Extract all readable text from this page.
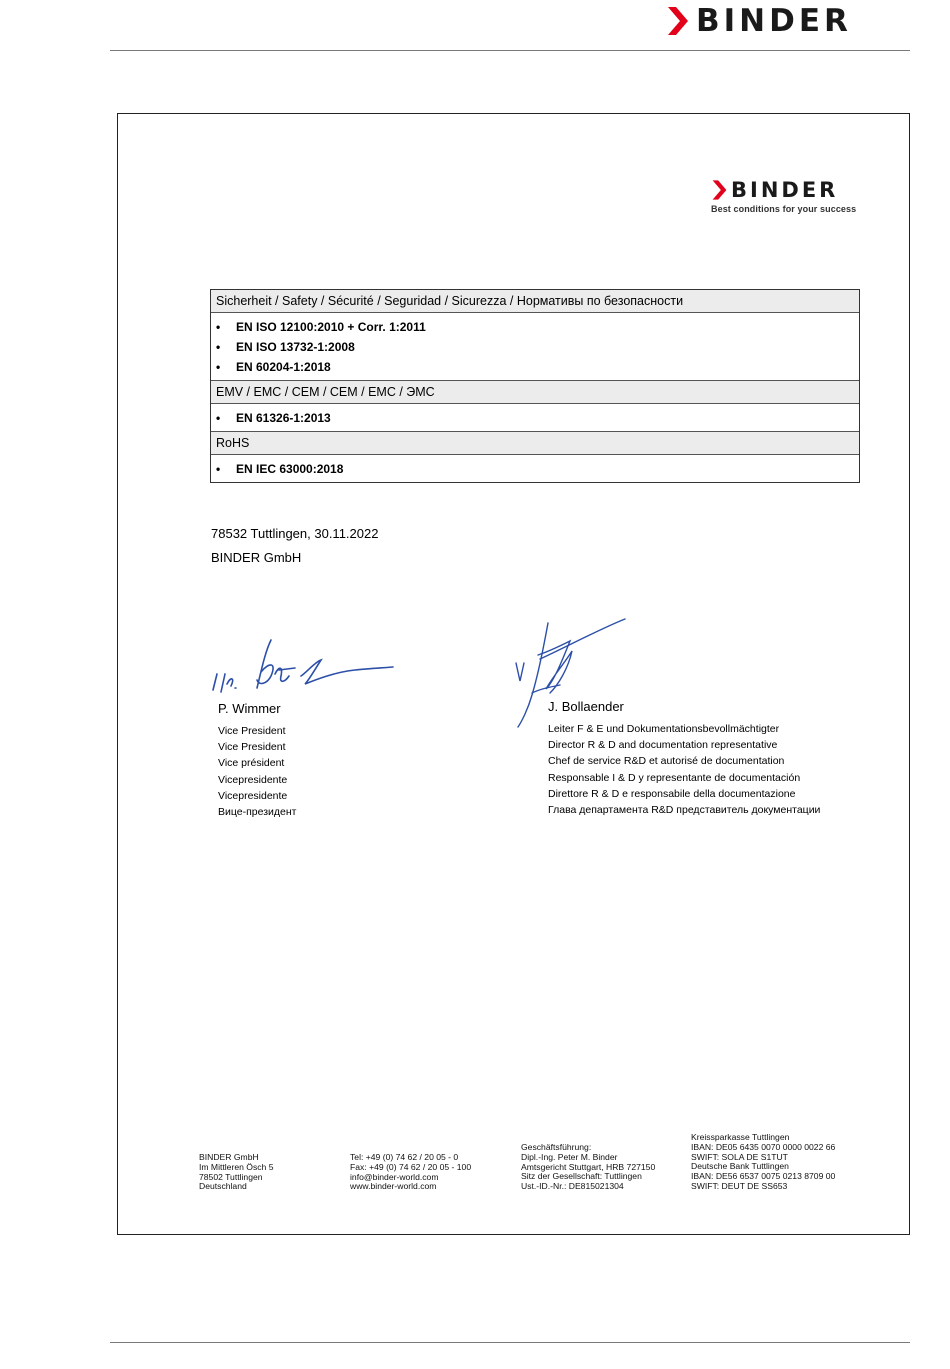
BINDER
BINDER
Best conditions for your success
Sicherheit / Safety / Sécurité / Seguridad / Sicurezza / Нормативы по безопасности
•	EN ISO 12100:2010 + Corr. 1:2011
•	EN ISO 13732-1:2008
•	EN 60204-1:2018
EMV / EMC / CEM / CEM / EMC / ЭМС
•	EN 61326-1:2013
RoHS
•	EN IEC 63000:2018
78532 Tuttlingen, 30.11.2022
BINDER GmbH
P. Wimmer	J. Bollaender
Vice President
Vice President
Vice président
Vicepresidente
Vicepresidente
Вице-президент
Leiter F & E und Dokumentationsbevollmächtigter
Director R & D and documentation representative
Chef de service R&D et autorisé de documentation
Responsable I & D y representante de documentación
Direttore R & D e responsabile della documentazione
Глава департамента R&D представитель документации
BINDER GmbH
Im Mittleren Ösch 5
78502 Tuttlingen
Deutschland
Tel: +49 (0) 74 62 / 20 05 - 0
Fax: +49 (0) 74 62 / 20 05 - 100
info@binder-world.com
www.binder-world.com
Geschäftsführung:
Dipl.-Ing. Peter M. Binder
Amtsgericht Stuttgart, HRB 727150
Sitz der Gesellschaft: Tuttlingen
Ust.-ID.-Nr.: DE815021304
Kreissparkasse Tuttlingen
IBAN: DE05 6435 0070 0000 0022 66
SWIFT: SOLA DE S1TUT
Deutsche Bank Tuttlingen
IBAN: DE56 6537 0075 0213 8709 00
SWIFT: DEUT DE SS653
